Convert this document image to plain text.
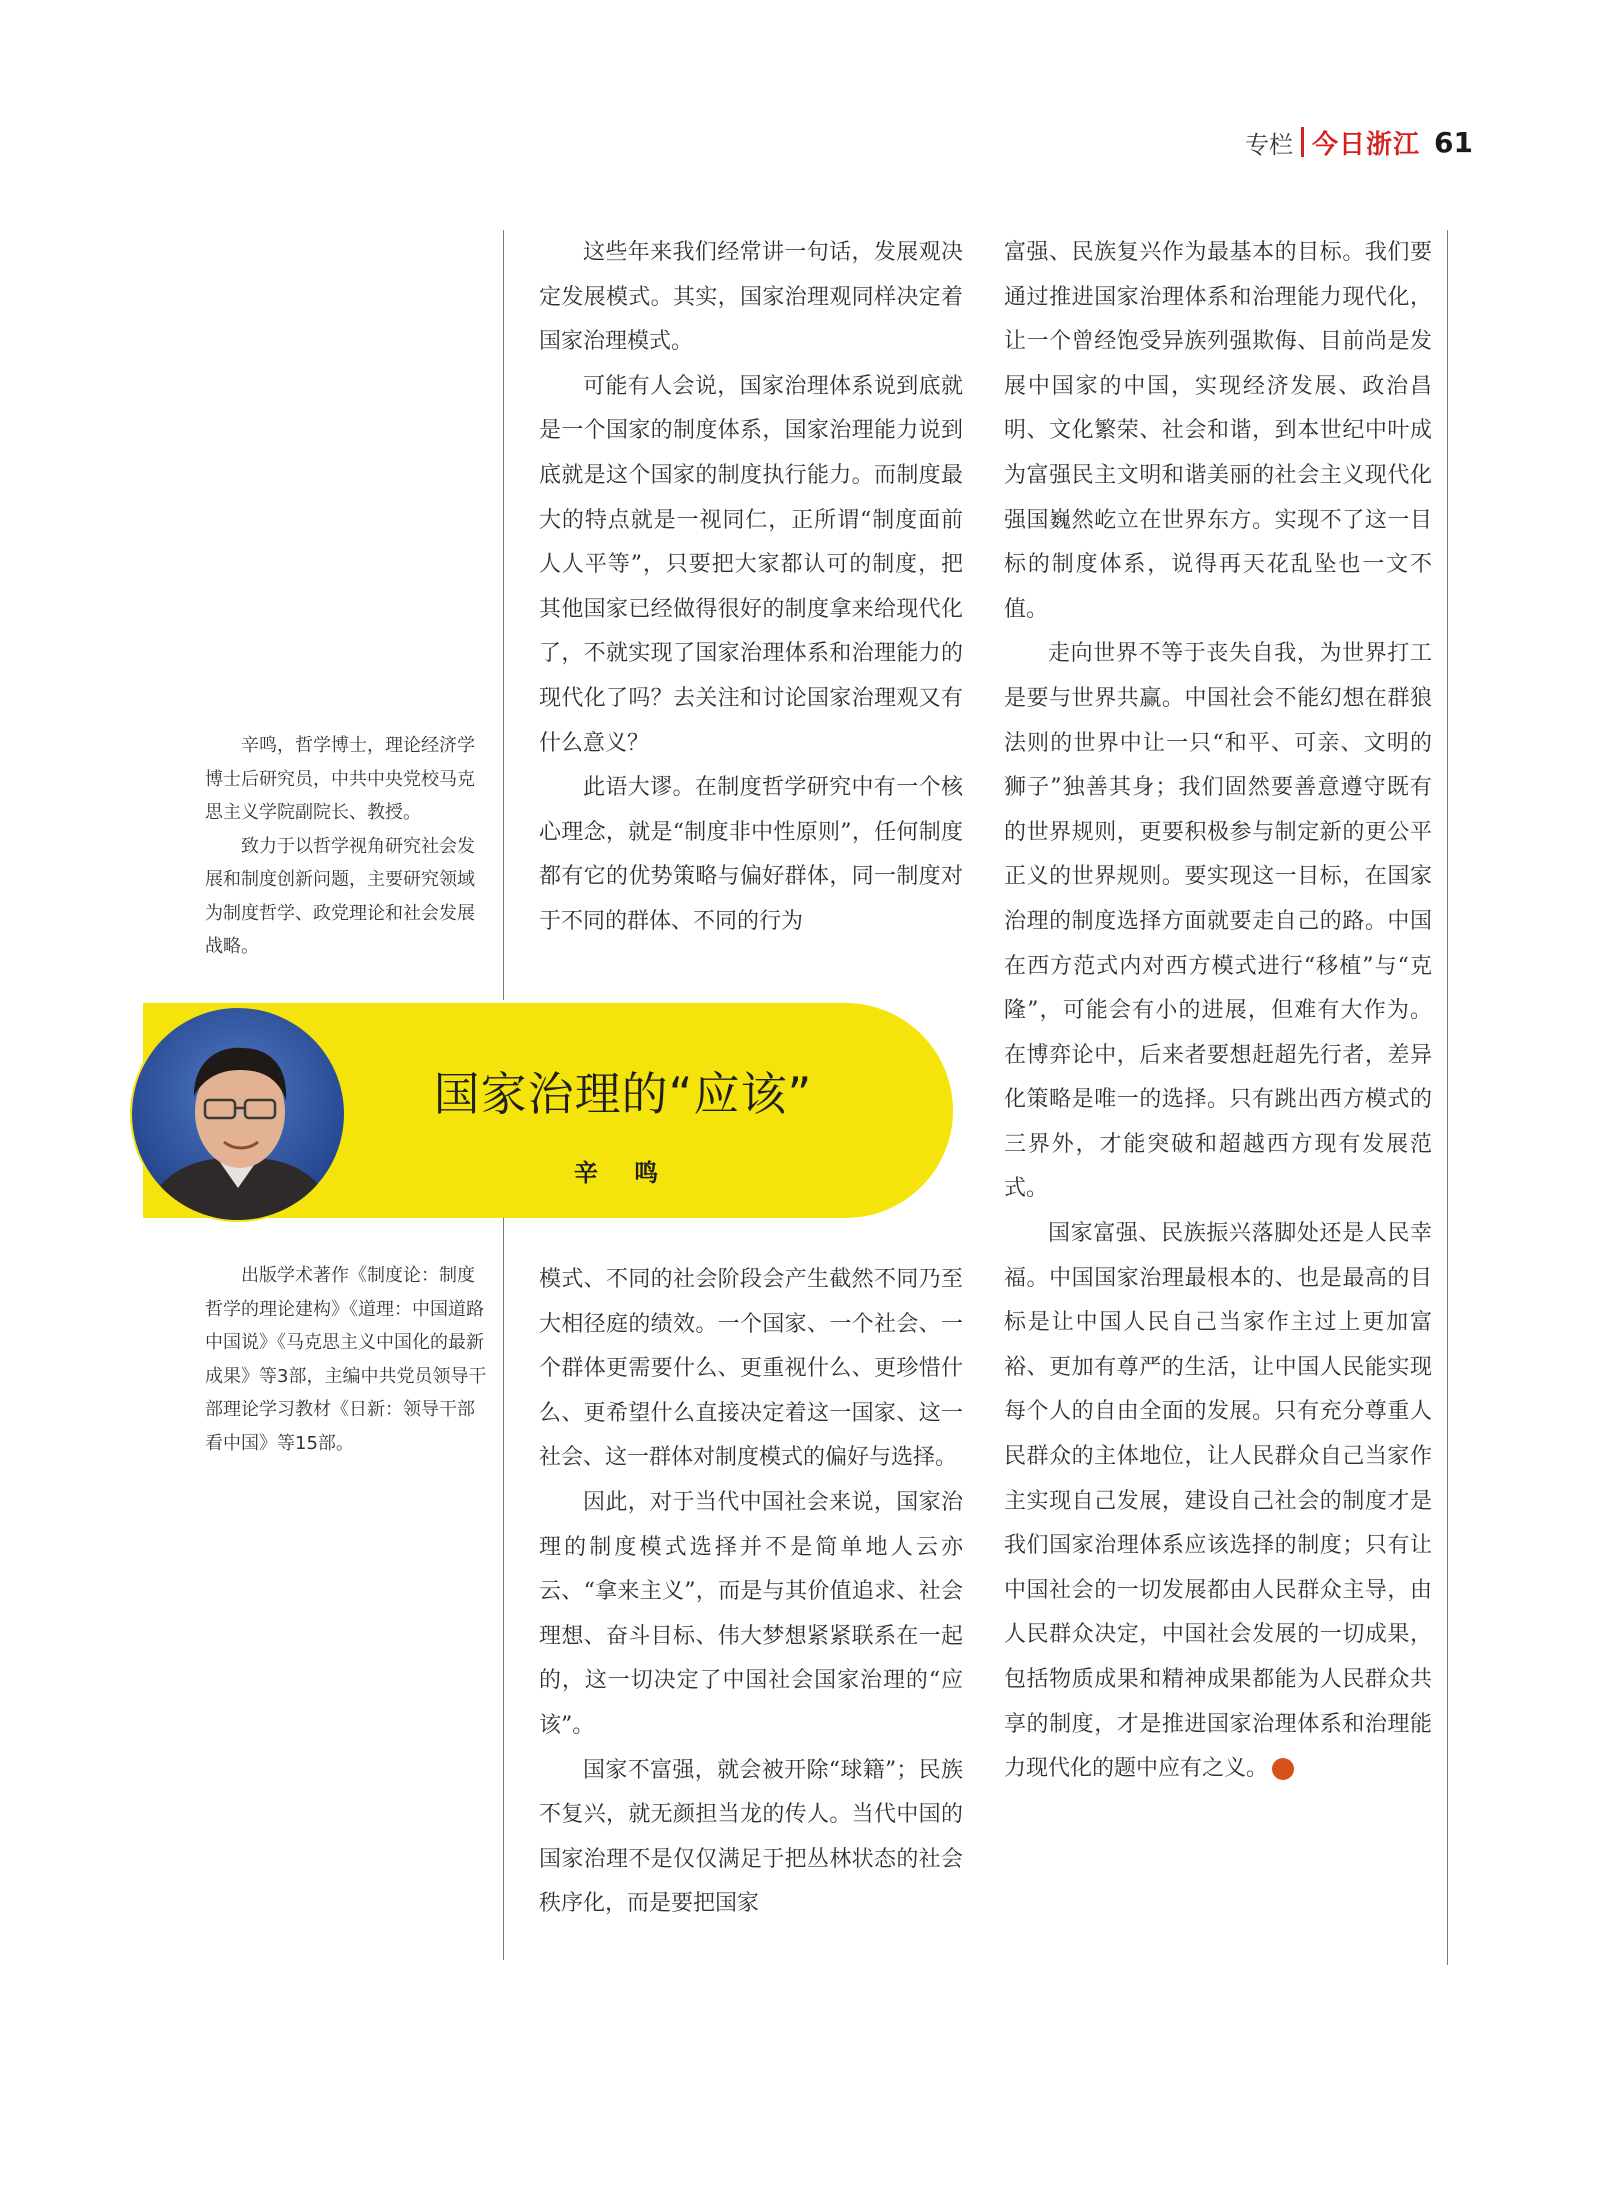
专栏 今日浙江 61

辛鸣，哲学博士，理论经济学博士后研究员，中共中央党校马克思主义学院副院长、教授。

致力于以哲学视角研究社会发展和制度创新问题，主要研究领域为制度哲学、政党理论和社会发展战略。

出版学术著作《制度论：制度哲学的理论建构》《道理：中国道路中国说》《马克思主义中国化的最新成果》等3部，主编中共党员领导干部理论学习教材《日新：领导干部看中国》等15部。

这些年来我们经常讲一句话，发展观决定发展模式。其实，国家治理观同样决定着国家治理模式。

可能有人会说，国家治理体系说到底就是一个国家的制度体系，国家治理能力说到底就是这个国家的制度执行能力。而制度最大的特点就是一视同仁，正所谓“制度面前人人平等”，只要把大家都认可的制度，把其他国家已经做得很好的制度拿来给现代化了，不就实现了国家治理体系和治理能力的现代化了吗？去关注和讨论国家治理观又有什么意义？

此语大谬。在制度哲学研究中有一个核心理念，就是“制度非中性原则”，任何制度都有它的优势策略与偏好群体，同一制度对于不同的群体、不同的行为

模式、不同的社会阶段会产生截然不同乃至大相径庭的绩效。一个国家、一个社会、一个群体更需要什么、更重视什么、更珍惜什么、更希望什么直接决定着这一国家、这一社会、这一群体对制度模式的偏好与选择。

因此，对于当代中国社会来说，国家治理的制度模式选择并不是简单地人云亦云、“拿来主义”，而是与其价值追求、社会理想、奋斗目标、伟大梦想紧紧联系在一起的，这一切决定了中国社会国家治理的“应该”。

国家不富强，就会被开除“球籍”；民族不复兴，就无颜担当龙的传人。当代中国的国家治理不是仅仅满足于把丛林状态的社会秩序化，而是要把国家

富强、民族复兴作为最基本的目标。我们要通过推进国家治理体系和治理能力现代化，让一个曾经饱受异族列强欺侮、目前尚是发展中国家的中国，实现经济发展、政治昌明、文化繁荣、社会和谐，到本世纪中叶成为富强民主文明和谐美丽的社会主义现代化强国巍然屹立在世界东方。实现不了这一目标的制度体系，说得再天花乱坠也一文不值。

走向世界不等于丧失自我，为世界打工是要与世界共赢。中国社会不能幻想在群狼法则的世界中让一只“和平、可亲、文明的狮子”独善其身；我们固然要善意遵守既有的世界规则，更要积极参与制定新的更公平正义的世界规则。要实现这一目标，在国家治理的制度选择方面就要走自己的路。中国在西方范式内对西方模式进行“移植”与“克隆”，可能会有小的进展，但难有大作为。在博弈论中，后来者要想赶超先行者，差异化策略是唯一的选择。只有跳出西方模式的三界外，才能突破和超越西方现有发展范式。

国家富强、民族振兴落脚处还是人民幸福。中国国家治理最根本的、也是最高的目标是让中国人民自己当家作主过上更加富裕、更加有尊严的生活，让中国人民能实现每个人的自由全面的发展。只有充分尊重人民群众的主体地位，让人民群众自己当家作主实现自己发展，建设自己社会的制度才是我们国家治理体系应该选择的制度；只有让中国社会的一切发展都由人民群众主导，由人民群众决定，中国社会发展的一切成果，包括物质成果和精神成果都能为人民群众共享的制度，才是推进国家治理体系和治理能力现代化的题中应有之义。

国家治理的“应该”
辛 鸣
